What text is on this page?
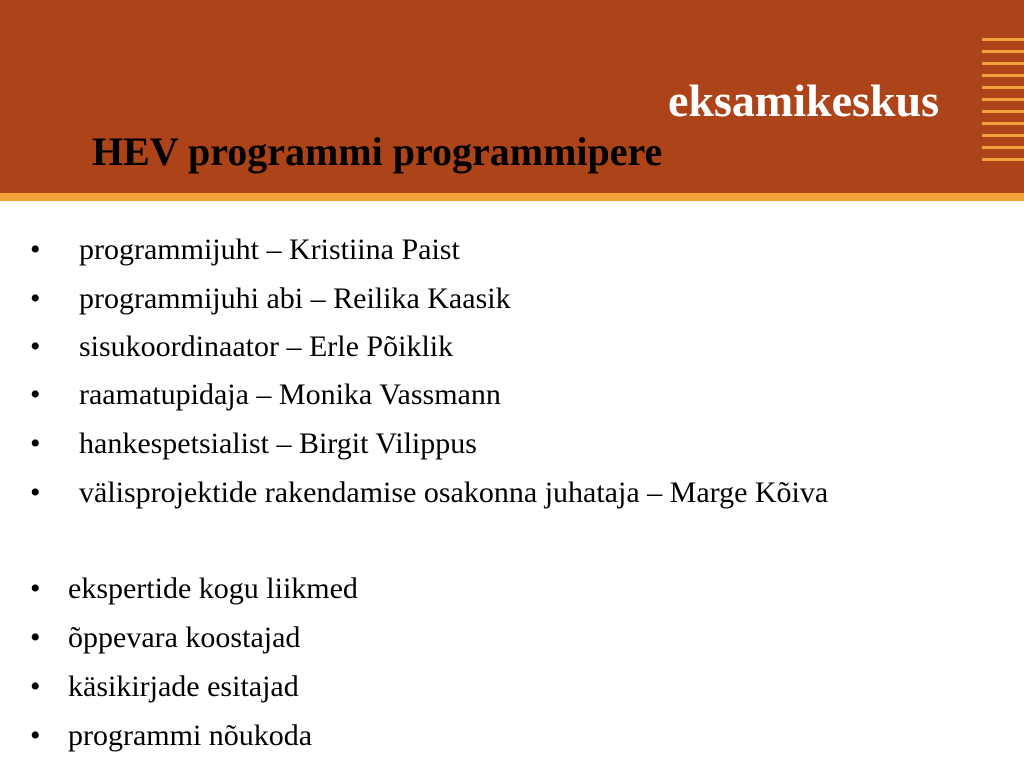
eksamikeskus
HEV programmi programmipere
• programmijuht – Kristiina Paist
• programmijuhi abi – Reilika Kaasik
• sisukoordinaator – Erle Põiklik
• raamatupidaja – Monika Vassmann
• hankespetsialist – Birgit Vilippus
• välisprojektide rakendamise osakonna juhataja – Marge Kõiva
• ekspertide kogu liikmed
• õppevara koostajad
• käsikirjade esitajad
• programmi nõukoda
